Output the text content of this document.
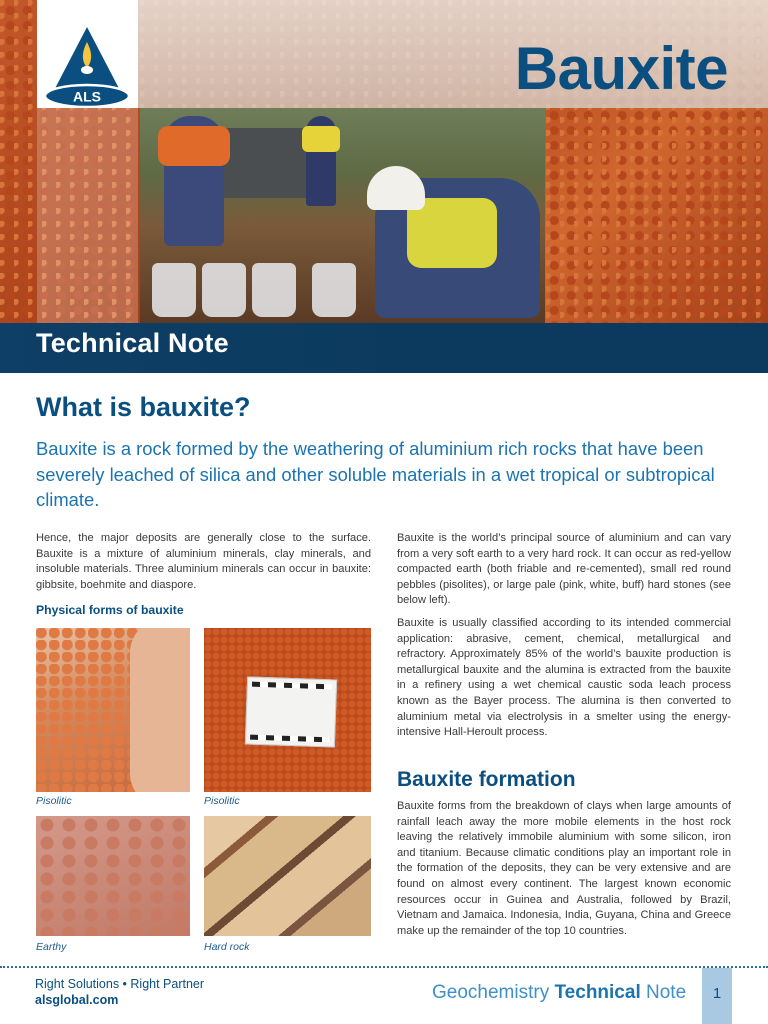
ALS	Bauxite
Technical Note
What is bauxite?
Bauxite is a rock formed by the weathering of aluminium rich rocks that have been severely leached of silica and other soluble materials in a wet tropical or subtropical climate.

Hence, the major deposits are generally close to the surface. Bauxite is a mixture of aluminium minerals, clay minerals, and insoluble materials. Three aluminium minerals can occur in bauxite: gibbsite, boehmite and diaspore.

Physical forms of bauxite
Pisolitic	Pisolitic
Earthy	Hard rock

Bauxite is the world’s principal source of aluminium and can vary from a very soft earth to a very hard rock. It can occur as red-yellow compacted earth (both friable and re-cemented), small red round pebbles (pisolites), or large pale (pink, white, buff) hard stones (see below left).

Bauxite is usually classified according to its intended commercial application: abrasive, cement, chemical, metallurgical and refractory. Approximately 85% of the world’s bauxite production is metallurgical bauxite and the alumina is extracted from the bauxite in a refinery using a wet chemical caustic soda leach process known as the Bayer process. The alumina is then converted to aluminium metal via electrolysis in a smelter using the energy-intensive Hall-Heroult process.

Bauxite formation

Bauxite forms from the breakdown of clays when large amounts of rainfall leach away the more mobile elements in the host rock leaving the relatively immobile aluminium with some silicon, iron and titanium. Because climatic conditions play an important role in the formation of the deposits, they can be very extensive and are found on almost every continent. The largest known economic resources occur in Guinea and Australia, followed by Brazil, Vietnam and Jamaica. Indonesia, India, Guyana, China and Greece make up the remainder of the top 10 countries.

Right Solutions • Right Partner
alsglobal.com	Geochemistry Technical Note	1
